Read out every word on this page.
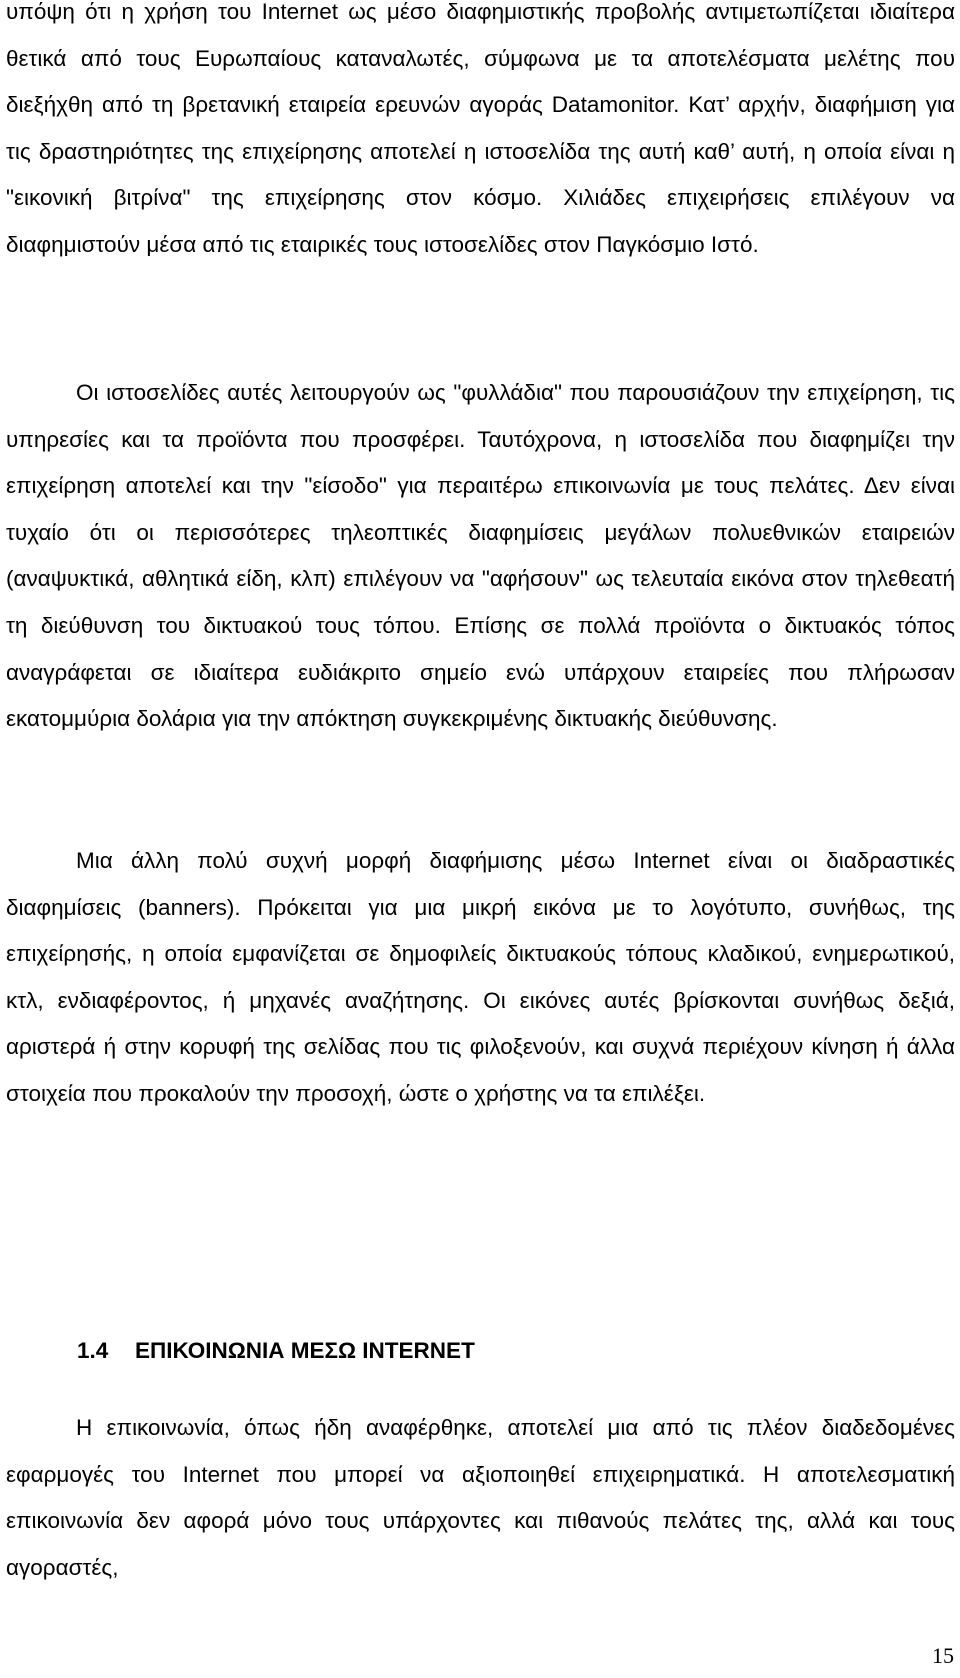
υπόψη ότι η χρήση του Internet ως μέσο διαφημιστικής προβολής αντιμετωπίζεται ιδιαίτερα θετικά από τους Ευρωπαίους καταναλωτές, σύμφωνα με τα αποτελέσματα μελέτης που διεξήχθη από τη βρετανική εταιρεία ερευνών αγοράς Datamonitor. Κατ’ αρχήν, διαφήμιση για τις δραστηριότητες της επιχείρησης αποτελεί η ιστοσελίδα της αυτή καθ’ αυτή, η οποία είναι η "εικονική βιτρίνα" της επιχείρησης στον κόσμο. Χιλιάδες επιχειρήσεις επιλέγουν να διαφημιστούν μέσα από τις εταιρικές τους ιστοσελίδες στον Παγκόσμιο Ιστό.

Οι ιστοσελίδες αυτές λειτουργούν ως "φυλλάδια" που παρουσιάζουν την επιχείρηση, τις υπηρεσίες και τα προϊόντα που προσφέρει. Ταυτόχρονα, η ιστοσελίδα που διαφημίζει την επιχείρηση αποτελεί και την "είσοδο" για περαιτέρω επικοινωνία με τους πελάτες. Δεν είναι τυχαίο ότι οι περισσότερες τηλεοπτικές διαφημίσεις μεγάλων πολυεθνικών εταιρειών (αναψυκτικά, αθλητικά είδη, κλπ) επιλέγουν να "αφήσουν" ως τελευταία εικόνα στον τηλεθεατή τη διεύθυνση του δικτυακού τους τόπου. Επίσης σε πολλά προϊόντα ο δικτυακός τόπος αναγράφεται σε ιδιαίτερα ευδιάκριτο σημείο ενώ υπάρχουν εταιρείες που πλήρωσαν εκατομμύρια δολάρια για την απόκτηση συγκεκριμένης δικτυακής διεύθυνσης.

Μια άλλη πολύ συχνή μορφή διαφήμισης μέσω Internet είναι οι διαδραστικές διαφημίσεις (banners). Πρόκειται για μια μικρή εικόνα με το λογότυπο, συνήθως, της επιχείρησής, η οποία εμφανίζεται σε δημοφιλείς δικτυακούς τόπους κλαδικού, ενημερωτικού, κτλ, ενδιαφέροντος, ή μηχανές αναζήτησης. Οι εικόνες αυτές βρίσκονται συνήθως δεξιά, αριστερά ή στην κορυφή της σελίδας που τις φιλοξενούν, και συχνά περιέχουν κίνηση ή άλλα στοιχεία που προκαλούν την προσοχή, ώστε ο χρήστης να τα επιλέξει.

1.4 ΕΠΙΚΟΙΝΩΝΙΑ ΜΕΣΩ INTERNET

Η επικοινωνία, όπως ήδη αναφέρθηκε, αποτελεί μια από τις πλέον διαδεδομένες εφαρμογές του Internet που μπορεί να αξιοποιηθεί επιχειρηματικά. Η αποτελεσματική επικοινωνία δεν αφορά μόνο τους υπάρχοντες και πιθανούς πελάτες της, αλλά και τους αγοραστές,

15
